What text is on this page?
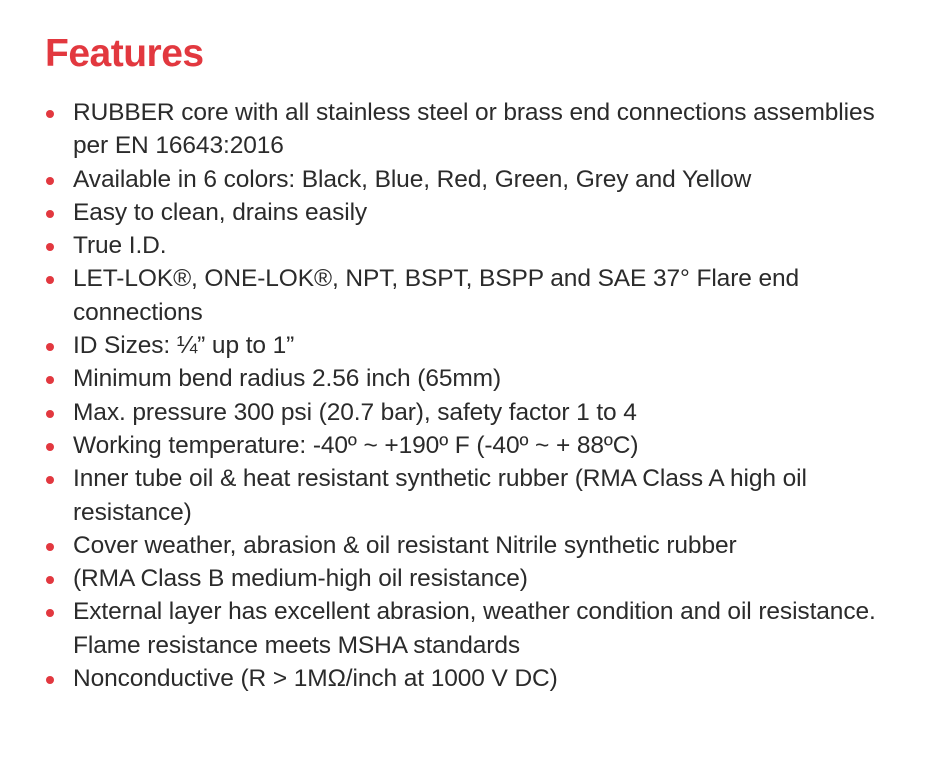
Features
RUBBER core with all stainless steel or brass end connections assemblies per EN 16643:2016
Available in 6 colors: Black, Blue, Red, Green, Grey and Yellow
Easy to clean, drains easily
True I.D.
LET-LOK®, ONE-LOK®, NPT, BSPT, BSPP and SAE 37° Flare end connections
ID Sizes: ¼” up to 1”
Minimum bend radius 2.56 inch (65mm)
Max. pressure 300 psi (20.7 bar), safety factor 1 to 4
Working temperature: -40º ~ +190º F (-40º ~ + 88ºC)
Inner tube oil & heat resistant synthetic rubber (RMA Class A high oil resistance)
Cover weather, abrasion & oil resistant Nitrile synthetic rubber
(RMA Class B medium-high oil resistance)
External layer has excellent abrasion, weather condition and oil resistance. Flame resistance meets MSHA standards
Nonconductive (R > 1MΩ/inch at 1000 V DC)
